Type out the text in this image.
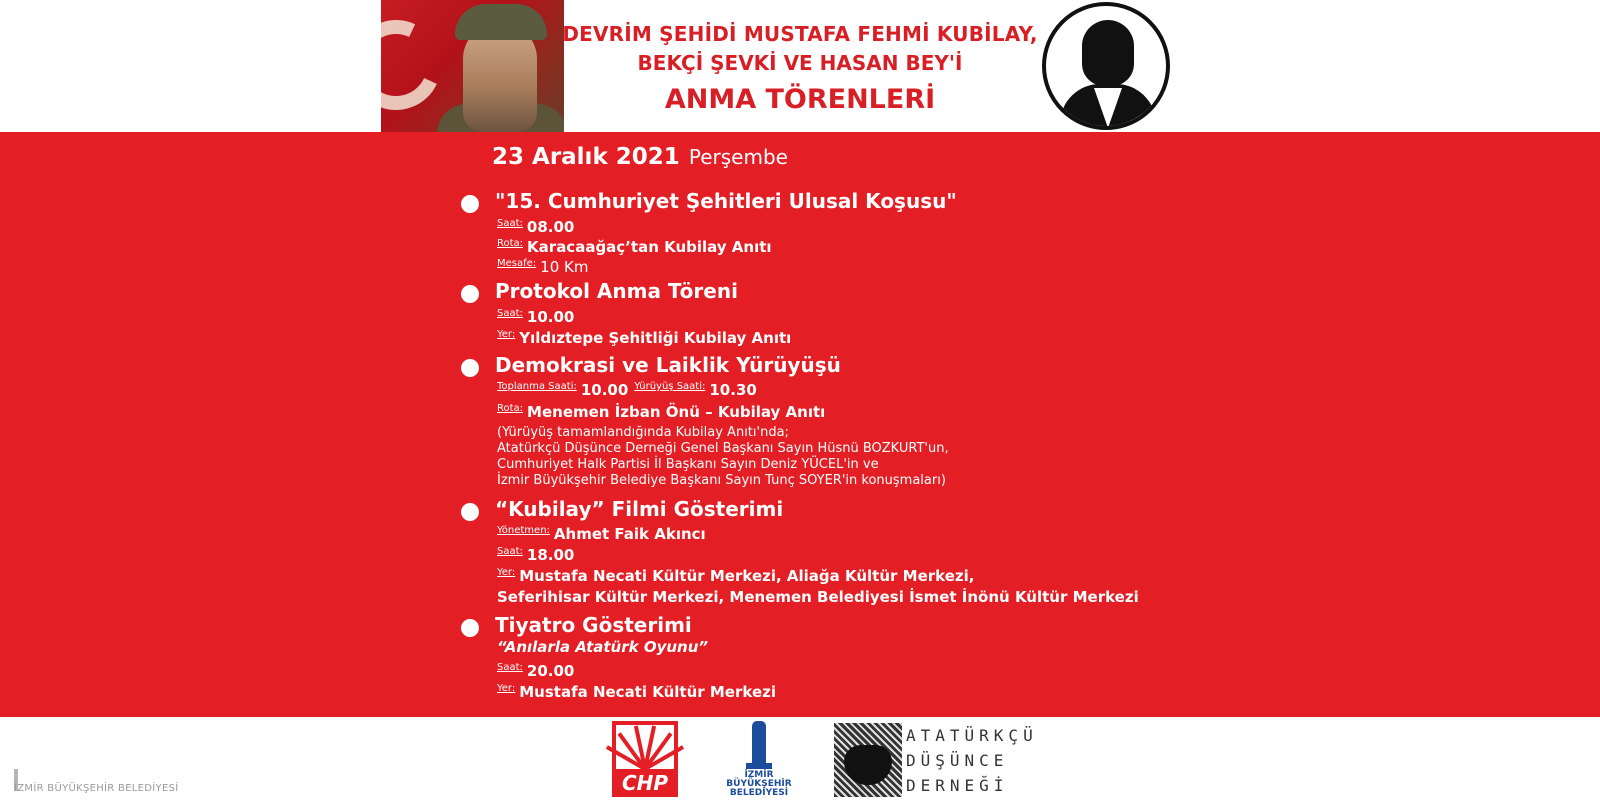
DEVRİM ŞEHİDİ MUSTAFA FEHMİ KUBİLAY,
BEKÇİ ŞEVKİ VE HASAN BEY'İ
ANMA TÖRENLERİ
23 Aralık 2021 Perşembe
"15. Cumhuriyet Şehitleri Ulusal Koşusu"
Saat: 08.00
Rota: Karacaağaç’tan Kubilay Anıtı
Mesafe: 10 Km
Protokol Anma Töreni
Saat: 10.00
Yer: Yıldıztepe Şehitliği Kubilay Anıtı
Demokrasi ve Laiklik Yürüyüşü
Toplanma Saati: 10.00 Yürüyüş Saati: 10.30
Rota: Menemen İzban Önü – Kubilay Anıtı
(Yürüyüş tamamlandığında Kubilay Anıtı'nda;
Atatürkçü Düşünce Derneği Genel Başkanı Sayın Hüsnü BOZKURT'un,
Cumhuriyet Halk Partisi İl Başkanı Sayın Deniz YÜCEL'in ve
İzmir Büyükşehir Belediye Başkanı Sayın Tunç SOYER'in konuşmaları)
“Kubilay” Filmi Gösterimi
Yönetmen: Ahmet Faik Akıncı
Saat: 18.00
Yer: Mustafa Necati Kültür Merkezi, Aliağa Kültür Merkezi,
Seferihisar Kültür Merkezi, Menemen Belediyesi İsmet İnönü Kültür Merkezi
Tiyatro Gösterimi
“Anılarla Atatürk Oyunu”
Saat: 20.00
Yer: Mustafa Necati Kültür Merkezi
İZMİR BÜYÜKŞEHİR BELEDİYESİ	CHP	İZMİR
BÜYÜKŞEHİR
BELEDİYESİ
ATATÜRKÇÜ
DÜŞÜNCE
DERNEĞİ
